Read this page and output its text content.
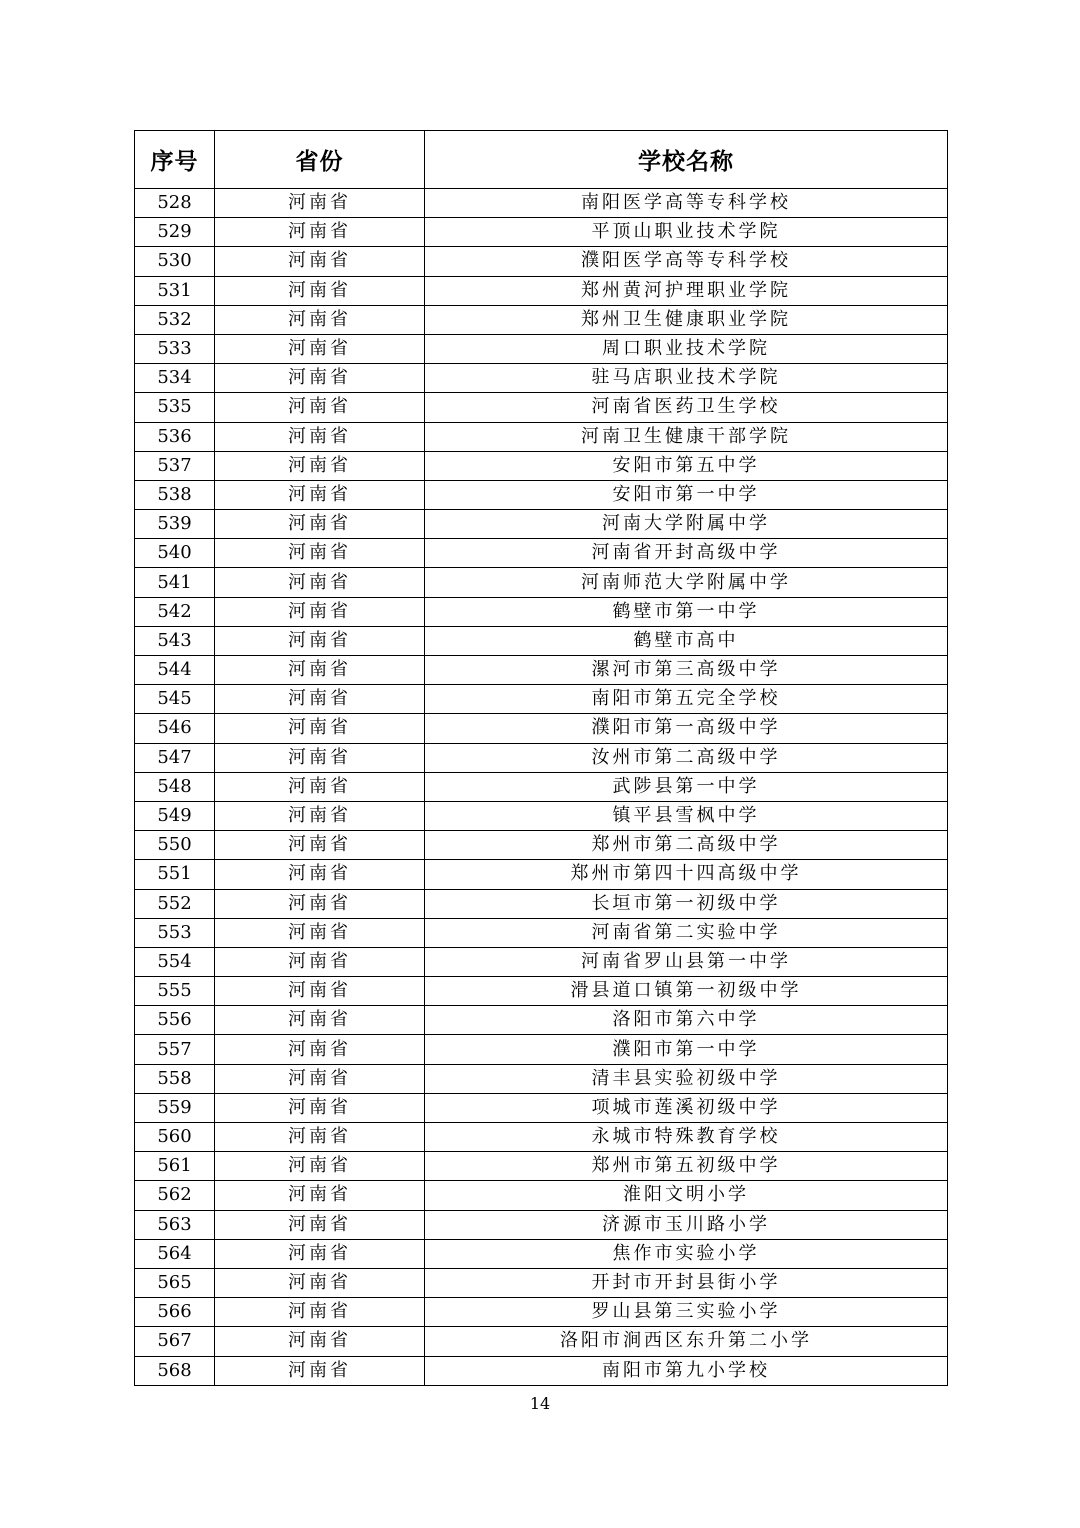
序号	省份	学校名称
528	河南省	南阳医学高等专科学校
529	河南省	平顶山职业技术学院
530	河南省	濮阳医学高等专科学校
531	河南省	郑州黄河护理职业学院
532	河南省	郑州卫生健康职业学院
533	河南省	周口职业技术学院
534	河南省	驻马店职业技术学院
535	河南省	河南省医药卫生学校
536	河南省	河南卫生健康干部学院
537	河南省	安阳市第五中学
538	河南省	安阳市第一中学
539	河南省	河南大学附属中学
540	河南省	河南省开封高级中学
541	河南省	河南师范大学附属中学
542	河南省	鹤壁市第一中学
543	河南省	鹤壁市高中
544	河南省	漯河市第三高级中学
545	河南省	南阳市第五完全学校
546	河南省	濮阳市第一高级中学
547	河南省	汝州市第二高级中学
548	河南省	武陟县第一中学
549	河南省	镇平县雪枫中学
550	河南省	郑州市第二高级中学
551	河南省	郑州市第四十四高级中学
552	河南省	长垣市第一初级中学
553	河南省	河南省第二实验中学
554	河南省	河南省罗山县第一中学
555	河南省	滑县道口镇第一初级中学
556	河南省	洛阳市第六中学
557	河南省	濮阳市第一中学
558	河南省	清丰县实验初级中学
559	河南省	项城市莲溪初级中学
560	河南省	永城市特殊教育学校
561	河南省	郑州市第五初级中学
562	河南省	淮阳文明小学
563	河南省	济源市玉川路小学
564	河南省	焦作市实验小学
565	河南省	开封市开封县街小学
566	河南省	罗山县第三实验小学
567	河南省	洛阳市涧西区东升第二小学
568	河南省	南阳市第九小学校
14
